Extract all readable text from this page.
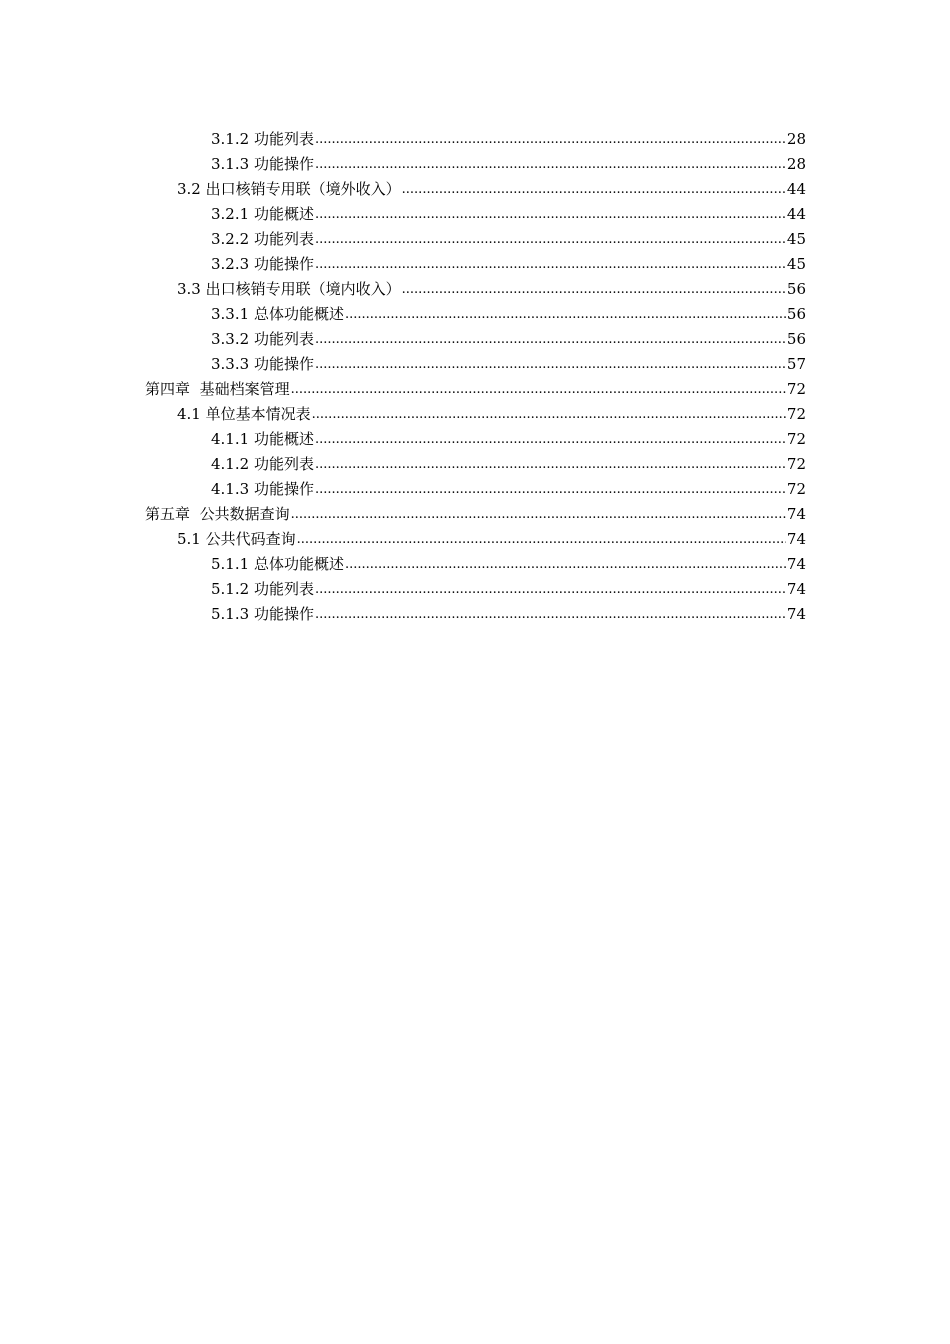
3.1.2 功能列表 .....	28
3.1.3 功能操作 .....	28
3.2 出口核销专用联（境外收入） .....	44
3.2.1 功能概述 .....	44
3.2.2 功能列表 .....	45
3.2.3 功能操作 .....	45
3.3 出口核销专用联（境内收入） .....	56
3.3.1 总体功能概述 .....	56
3.3.2 功能列表 .....	56
3.3.3 功能操作 .....	57
第四章 基础档案管理 .....	72
4.1 单位基本情况表 .....	72
4.1.1 功能概述 .....	72
4.1.2 功能列表 .....	72
4.1.3 功能操作 .....	72
第五章 公共数据查询 .....	74
5.1 公共代码查询 .....	74
5.1.1 总体功能概述 .....	74
5.1.2 功能列表 .....	74
5.1.3 功能操作 .....	74
